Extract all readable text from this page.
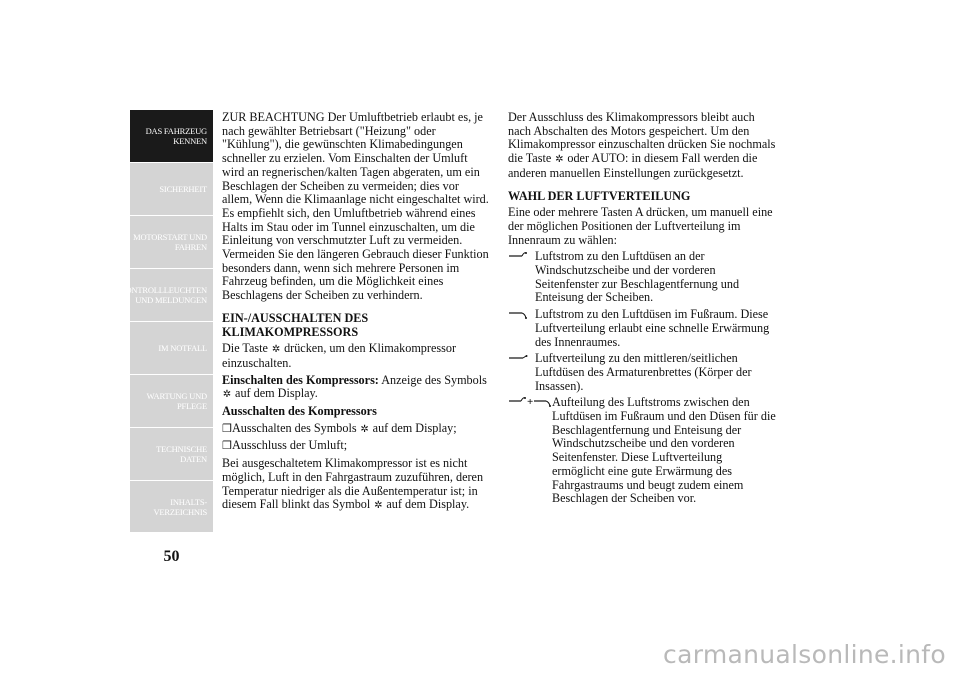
DAS FAHRZEUG
KENNEN
SICHERHEIT
MOTORSTART UND
FAHREN
KONTROLLLEUCHTEN
UND MELDUNGEN
IM NOTFALL
WARTUNG UND
PFLEGE
TECHNISCHE
DATEN
INHALTS-
VERZEICHNIS
50

ZUR BEACHTUNG Der Umluftbetrieb erlaubt es, je nach gewählter Betriebsart ("Heizung" oder "Kühlung"), die gewünschten Klimabedingungen schneller zu erzielen. Vom Einschalten der Umluft wird an regnerischen/kalten Tagen abgeraten, um ein Beschlagen der Scheiben zu vermeiden; dies vor allem, Wenn die Klimaanlage nicht eingeschaltet wird. Es empfiehlt sich, den Umluftbetrieb während eines Halts im Stau oder im Tunnel einzuschalten, um die Einleitung von verschmutzter Luft zu vermeiden. Vermeiden Sie den längeren Gebrauch dieser Funktion besonders dann, wenn sich mehrere Personen im Fahrzeug befinden, um die Möglichkeit eines Beschlagens der Scheiben zu verhindern.

EIN-/AUSSCHALTEN DES KLIMAKOMPRESSORS

Die Taste ✲ drücken, um den Klimakompressor einzuschalten.

Einschalten des Kompressors: Anzeige des Symbols ✲ auf dem Display.

Ausschalten des Kompressors

❒Ausschalten des Symbols ✲ auf dem Display;

❒Ausschluss der Umluft;

Bei ausgeschaltetem Klimakompressor ist es nicht möglich, Luft in den Fahrgastraum zuzuführen, deren Temperatur niedriger als die Außentemperatur ist; in diesem Fall blinkt das Symbol ✲ auf dem Display.

Der Ausschluss des Klimakompressors bleibt auch nach Abschalten des Motors gespeichert. Um den Klimakompressor einzuschalten drücken Sie nochmals die Taste ✲ oder AUTO: in diesem Fall werden die anderen manuellen Einstellungen zurückgesetzt.

WAHL DER LUFTVERTEILUNG

Eine oder mehrere Tasten A drücken, um manuell eine der möglichen Positionen der Luftverteilung im Innenraum zu wählen:

Luftstrom zu den Luftdüsen an der Windschutzscheibe und der vorderen Seitenfenster zur Beschlagentfernung und Enteisung der Scheiben.
Luftstrom zu den Luftdüsen im Fußraum. Diese Luftverteilung erlaubt eine schnelle Erwärmung des Innenraumes.
Luftverteilung zu den mittleren/seitlichen Luftdüsen des Armaturenbrettes (Körper der Insassen).
+ Aufteilung des Luftstroms zwischen den Luftdüsen im Fußraum und den Düsen für die Beschlagentfernung und Enteisung der Windschutzscheibe und den vorderen Seitenfenster. Diese Luftverteilung ermöglicht eine gute Erwärmung des Fahrgastraums und beugt zudem einem Beschlagen der Scheiben vor.
carmanualsonline.info
